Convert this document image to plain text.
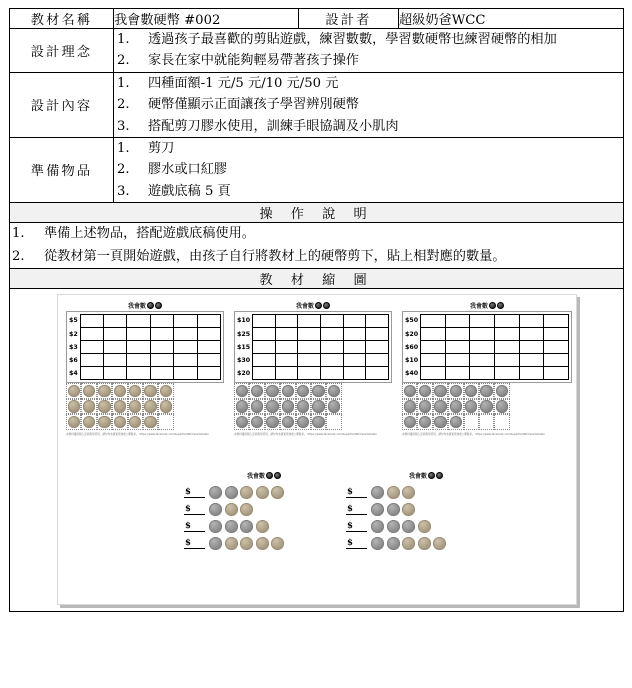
教材名稱	我會數硬幣 #002	設計者	超級奶爸WCC
設計理念	
1.	透過孩子最喜歡的剪貼遊戲，練習數數，學習數硬幣也練習硬幣的相加
2.	家長在家中就能夠輕易帶著孩子操作

設計內容	
1.	四種面額-1 元/5 元/10 元/50 元
2.	硬幣僅顯示正面讓孩子學習辨別硬幣
3.	搭配剪刀膠水使用，訓練手眼協調及小肌肉

準備物品	
1.	剪刀
2.	膠水或口紅膠
3.	遊戲底稿 5 頁

操 作 說 明

1.	準備上述物品，搭配遊戲底稿使用。
2.	從教材第一頁開始遊戲，由孩子自行將教材上的硬幣剪下，貼上相對應的數量。

教 材 縮 圖

我會數
$5
$2
$3
$6
$4

本教材僅供個人家庭教學使用，請勿作為商業用途或公開散布。 https://www.facebook.com/SuperDadWCCworksheets
我會數
$10
$25
$15
$30
$20

本教材僅供個人家庭教學使用，請勿作為商業用途或公開散布。 https://www.facebook.com/SuperDadWCCworksheets
我會數
$50
$20
$60
$10
$40

本教材僅供個人家庭教學使用，請勿作為商業用途或公開散布。 https://www.facebook.com/SuperDadWCCworksheets
我會數
$
$
$
$
我會數
$
$
$
$
